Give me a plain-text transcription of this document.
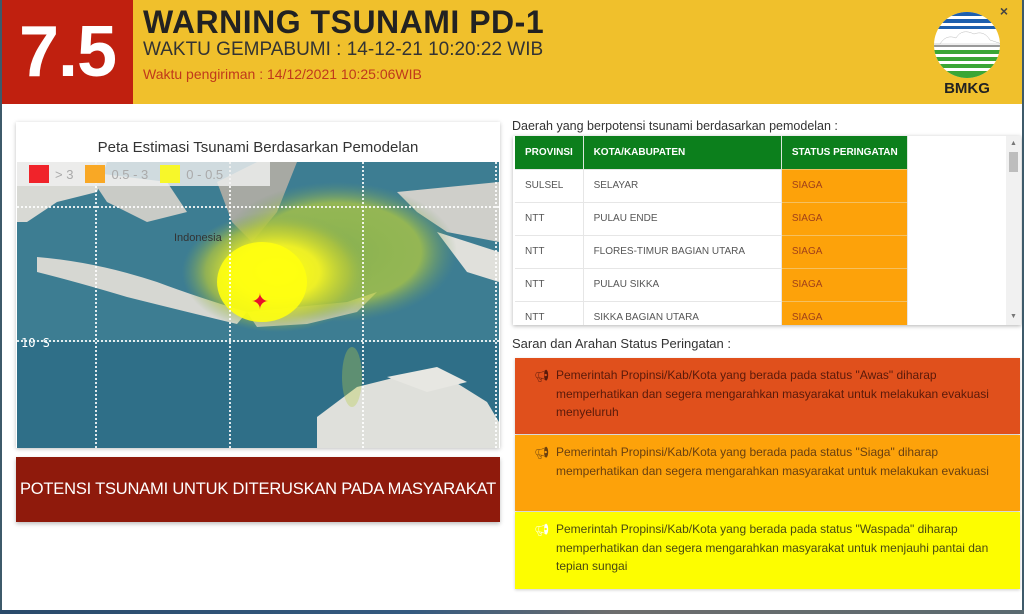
7.5 WARNING TSUNAMI PD-1
WAKTU GEMPABUMI : 14-12-21 10:20:22 WIB
Waktu pengiriman : 14/12/2021 10:25:06WIB
BMKG
×
Peta Estimasi Tsunami Berdasarkan Pemodelan
Indonesia
10 S
✦
> 3	0.5 - 3	0 - 0.5
POTENSI TSUNAMI UNTUK DITERUSKAN PADA MASYARAKAT
Daerah yang berpotensi tsunami berdasarkan pemodelan :
PROVINSI	KOTA/KABUPATEN	STATUS PERINGATAN
SULSEL	SELAYAR	SIAGA
NTT	PULAU ENDE	SIAGA
NTT	FLORES-TIMUR BAGIAN UTARA	SIAGA
NTT	PULAU SIKKA	SIAGA
NTT	SIKKA BAGIAN UTARA	SIAGA
▲
▼
Saran dan Arahan Status Peringatan :
📢︎ Pemerintah Propinsi/Kab/Kota yang berada pada status "Awas" diharap memperhatikan dan segera mengarahkan masyarakat untuk melakukan evakuasi menyeluruh
📢︎ Pemerintah Propinsi/Kab/Kota yang berada pada status "Siaga" diharap memperhatikan dan segera mengarahkan masyarakat untuk melakukan evakuasi
📢︎ Pemerintah Propinsi/Kab/Kota yang berada pada status "Waspada" diharap memperhatikan dan segera mengarahkan masyarakat untuk menjauhi pantai dan tepian sungai
